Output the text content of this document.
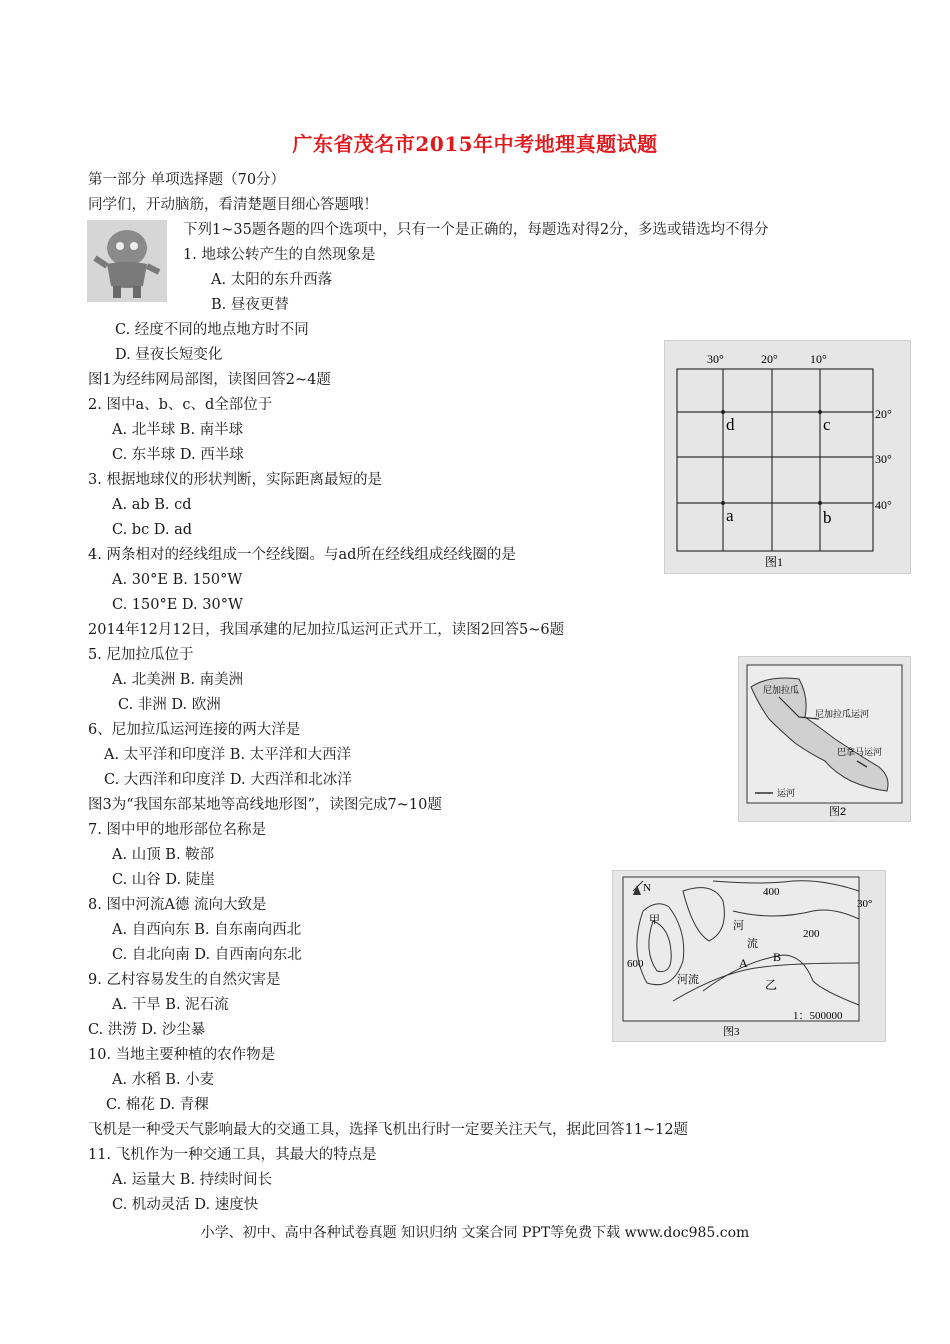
广东省茂名市2015年中考地理真题试题
第一部分 单项选择题（70分）
同学们，开动脑筋，看清楚题目细心答题哦！
下列1~35题各题的四个选项中，只有一个是正确的，每题选对得2分，多选或错选均不得分
1. 地球公转产生的自然现象是
A. 太阳的东升西落
B. 昼夜更替
C. 经度不同的地点地方时不同
D. 昼夜长短变化
图1为经纬网局部图，读图回答2~4题
2. 图中a、b、c、d全部位于
A. 北半球 B. 南半球
C. 东半球 D. 西半球
3. 根据地球仪的形状判断，实际距离最短的是
A. ab B. cd
C. bc D. ad
4. 两条相对的经线组成一个经线圈。与ad所在经线组成经线圈的是
A. 30°E B. 150°W
C. 150°E D. 30°W
2014年12月12日，我国承建的尼加拉瓜运河正式开工，读图2回答5~6题
5. 尼加拉瓜位于
A. 北美洲 B. 南美洲
C. 非洲 D. 欧洲
6、尼加拉瓜运河连接的两大洋是
A. 太平洋和印度洋 B. 太平洋和大西洋
C. 大西洋和印度洋 D. 大西洋和北冰洋
图3为“我国东部某地等高线地形图”，读图完成7~10题
7. 图中甲的地形部位名称是
A. 山顶 B. 鞍部
C. 山谷 D. 陡崖
8. 图中河流A德 流向大致是
A. 自西向东 B. 自东南向西北
C. 自北向南 D. 自西南向东北
9. 乙村容易发生的自然灾害是
A. 干旱 B. 泥石流
C. 洪涝 D. 沙尘暴
10. 当地主要种植的农作物是
A. 水稻 B. 小麦
C. 棉花 D. 青稞
飞机是一种受天气影响最大的交通工具，选择飞机出行时一定要关注天气，据此回答11~12题
11. 飞机作为一种交通工具，其最大的特点是
A. 运量大 B. 持续时间长
C. 机动灵活 D. 速度快
30°	20°	10°
20°
30°
40°
d	c
a	b
图1
尼加拉瓜
尼加拉瓜运河
巴拿马运河
运河
图2
N	400
30°
甲	河
流
200
600	A B
河流	乙
1：500000
图3
小学、初中、高中各种试卷真题 知识归纳 文案合同 PPT等免费下载 www.doc985.com
